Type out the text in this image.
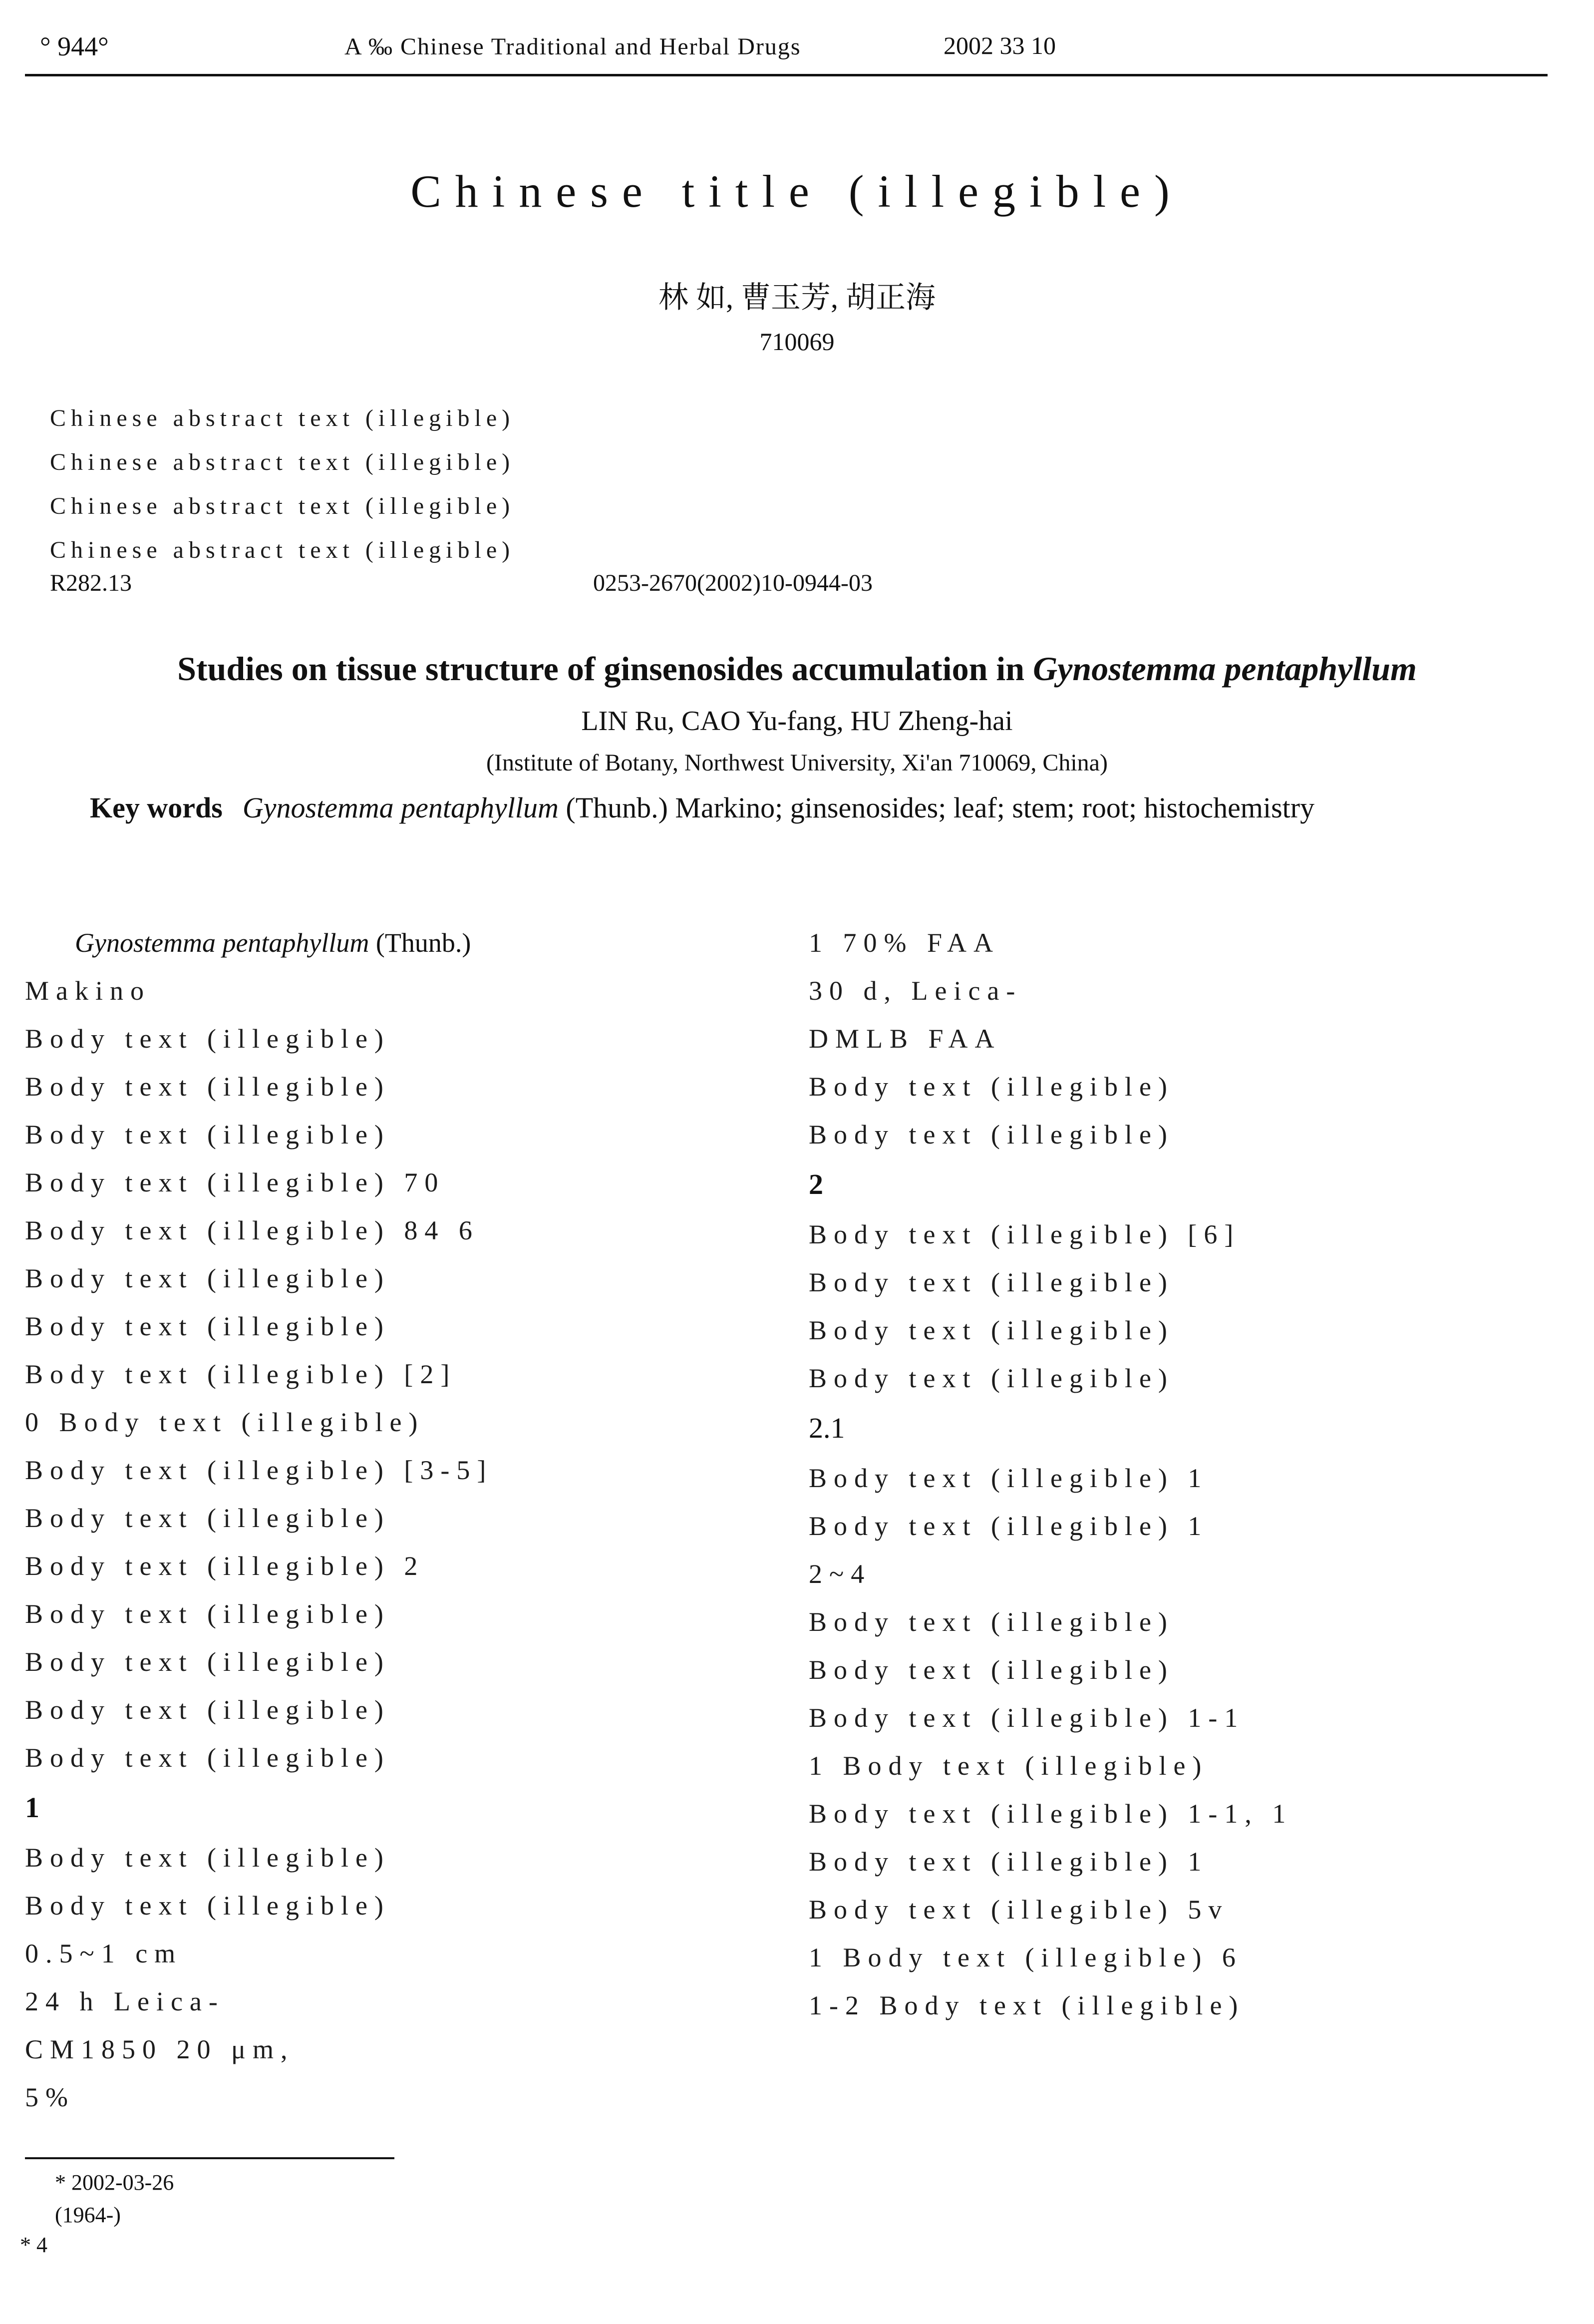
° 944°	A ‰ Chinese Traditional and Herbal Drugs	2002 33 10
Chinese title (illegible)
林 如, 曹玉芳, 胡正海
710069
Chinese abstract text (illegible)
Chinese abstract text (illegible)
Chinese abstract text (illegible)
Chinese abstract text (illegible)
R282.13	0253-2670(2002)10-0944-03
Studies on tissue structure of ginsenosides accumulation in Gynostemma pentaphyllum
LIN Ru, CAO Yu-fang, HU Zheng-hai
(Institute of Botany, Northwest University, Xi'an 710069, China)
Key words Gynostemma pentaphyllum (Thunb.) Markino; ginsenosides; leaf; stem; root; histochemistry

Gynostemma pentaphyllum (Thunb.)

Makino
Body text (illegible)
Body text (illegible)
Body text (illegible)
Body text (illegible) 70
Body text (illegible) 84 6
Body text (illegible)
Body text (illegible)
Body text (illegible) [2]
0 Body text (illegible)
Body text (illegible) [3-5]
Body text (illegible)
Body text (illegible) 2
Body text (illegible)
Body text (illegible)
Body text (illegible)
Body text (illegible)
1
Body text (illegible)
Body text (illegible)
0.5~1 cm
24 h Leica-
CM1850 20 μm,
5%
1 70% FAA
30 d, Leica-
DMLB FAA
Body text (illegible)
Body text (illegible)
2
Body text (illegible) [6]
Body text (illegible)
Body text (illegible)
Body text (illegible)
2.1
Body text (illegible) 1
Body text (illegible) 1
2~4
Body text (illegible)
Body text (illegible)
Body text (illegible) 1-1
1 Body text (illegible)
Body text (illegible) 1-1, 1
Body text (illegible) 1
Body text (illegible) 5v
1 Body text (illegible) 6
1-2 Body text (illegible)
* 2002-03-26
(1964-)
* 4
